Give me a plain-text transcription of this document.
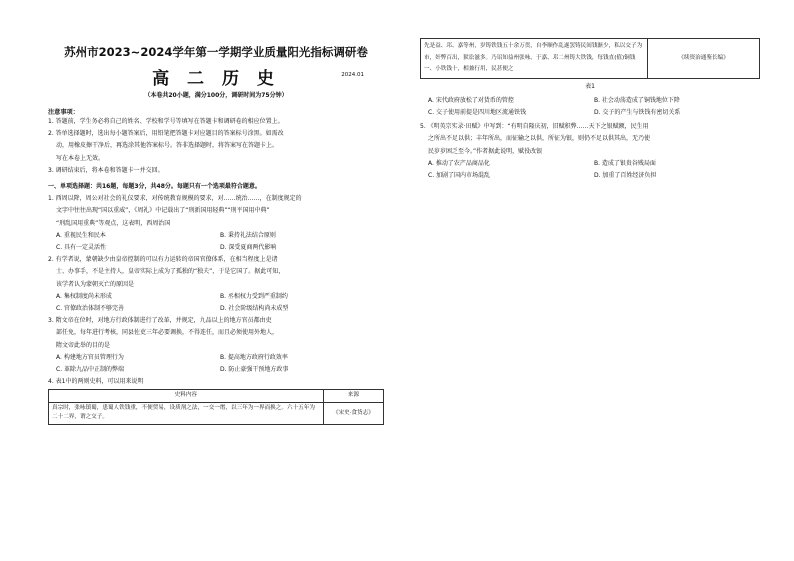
苏州市2023~2024学年第一学期学业质量阳光指标调研卷
高 二 历 史	2024.01
（本卷共20小题，满分100分，调研时间为75分钟）
注意事项：
1. 答题前，学生务必将自己的姓名、学校和学号等填写在答题卡和调研卷的相应位置上。
2. 答单选择题时，选出每小题答案后，用铅笔把答题卡对应题目的答案标号涂黑。如需改
动，用橡皮擦干净后，再选涂其他答案标号。答非选择题时，将答案写在答题卡上。
写在本卷上无效。
3. 调研结束后，将本卷和答题卡一并交回。
一、单项选择题：共16题，每题3分，共48分。每题只有一个选项最符合题意。
1. 西周以降，周公对社会的礼仪要求，对传统教育规模的要求，对……统治……，在制度规定的
文字中往往出现“国以重威”，《周礼》中记载出了“刑新国用轻典”“刑平国用中典”
“刑乱国用重典”等观点，这表明，西周治国
A. 重视民生和民本	B. 秉持礼法结合原则
C. 具有一定灵活性	D. 深受夏商两代影响
2. 有学者说，蒙朝缺少由皇帝控制的可以有力运转的帝国官僚体系，在相当程度上是诸
士、办事手，不是主持人，皇帝实际上成为了孤独的“独夫”，于是它国了。据此可知，
该学者认为蒙朝灭亡的原因是
A. 集权制度尚未形成	B. 丞相权力受到严重制约
C. 官僚政治体制不够完善	D. 社会阶级结构尚未成型
3. 隋文帝在位时，对地方行政体制进行了改革，并规定，九品以上的地方官员都由吏
部任免，每年进行考核，同县佐吏三年必要调换，不得连任，而且必须使用外地人，
隋文帝此举的目的是
A. 构建地方官员管理行为	B. 提高地方政府行政效率
C. 革除九品中正制的弊端	D. 防止豪强干预地方政事
4. 表1中的两则史料，可以用来说明
史料内容	来源
真宗时，张咏镇蜀，患蜀人铁钱重，不便贸易，设质剂之法，一交一缗，以三年为一界而换之。六十五年为二十二界，谓之交子。	《宋史·食货志》
先是益、邛、嘉等州，岁铸铁钱五十余万贯，自李顺作乱遂罢铸民间钱渐少，私以交子为市，奸弊百出，狱讼滋多。乃诏知益州张咏，于嘉、邛二州铸大铁钱，每钱直(值)铜钱一、小铁钱十，相兼行用，民甚便之	《续资治通鉴长编》
表1
A. 宋代政府放松了对货币的管控	B. 社会动荡造成了铜钱地位下降
C. 交子使用前提是四川地区流通铁钱	D. 交子的产生与铁钱有密切关系
5. 《明英宗实录·田赋》中写到：“有明自隆庆初，旧赋积弊……天下之银赋额，民生用
之所出不足以供；丰年所出，而征输之以供，所征为银，则仍不足以供其出，无乃使
民岁岁困乏至今。”作者据此说明，赋役改银
A. 推动了农产品商品化	B. 造成了银贵谷贱局面
C. 加剧了国内市场混乱	D. 加重了百姓经济负担
